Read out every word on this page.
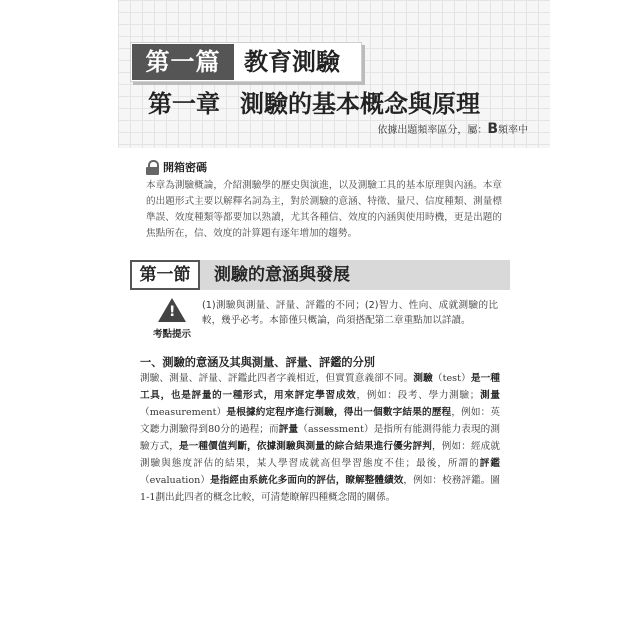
第一篇 教育測驗
第一章 測驗的基本概念與原理
依據出題頻率區分，屬：B頻率中
開箱密碼
本章為測驗概論，介紹測驗學的歷史與演進，以及測驗工具的基本原理與內涵。本章的出題形式主要以解釋名詞為主，對於測驗的意涵、特徵、量尺、信度種類、測量標準誤、效度種類等都要加以熟讀，尤其各種信、效度的內涵與使用時機，更是出題的焦點所在，信、效度的計算題有逐年增加的趨勢。
第一節	測驗的意涵與發展
!
考點提示
(1)測驗與測量、評量、評鑑的不同；(2)智力、性向、成就測驗的比較，幾乎必考。本節僅只概論，尚須搭配第二章重點加以詳讀。
一、測驗的意涵及其與測量、評量、評鑑的分別
測驗、測量、評量、評鑑此四者字義相近，但實質意義卻不同。測驗（test）是一種工具，也是評量的一種形式，用來評定學習成效，例如：段考、學力測驗；測量（measurement）是根據約定程序進行測驗，得出一個數字結果的歷程，例如：英文聽力測驗得到80分的過程；而評量（assessment）是指所有能測得能力表現的測驗方式，是一種價值判斷，依據測驗與測量的綜合結果進行優劣評判，例如：經成就測驗與態度評估的結果，某人學習成就高但學習態度不佳；最後，所謂的評鑑（evaluation）是指經由系統化多面向的評估，瞭解整體績效，例如：校務評鑑。圖1-1劃出此四者的概念比較，可清楚瞭解四種概念間的關係。
